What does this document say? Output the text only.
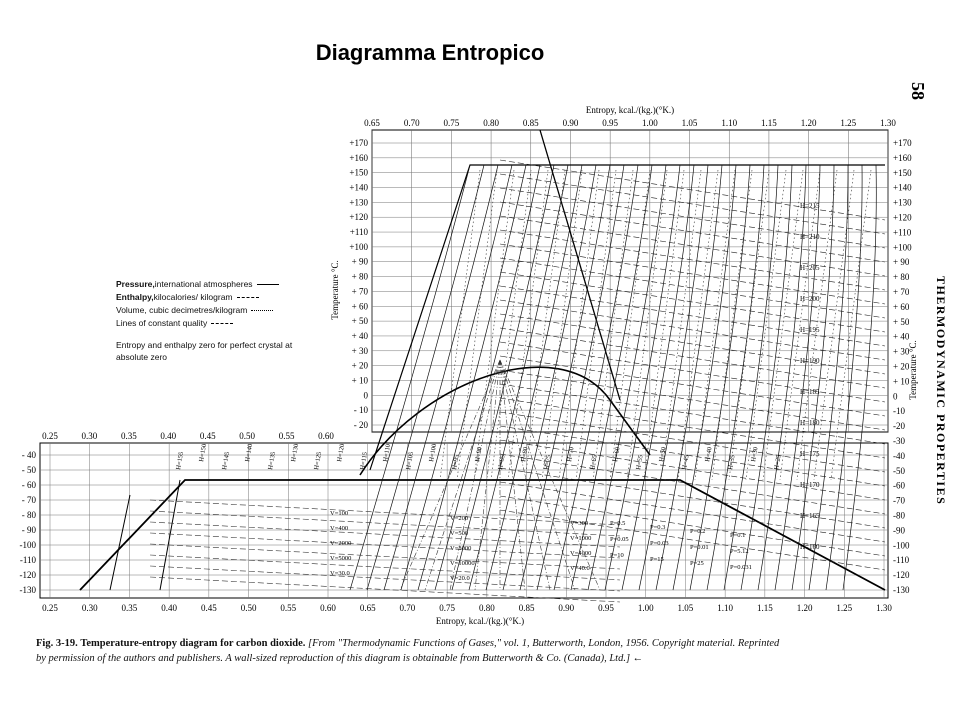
Diagramma Entropico
58
THERMODYNAMIC PROPERTIES
0.65	0.70	0.75	0.80	0.85	0.90	0.95	1.00	1.05	1.10	1.15	1.20	1.25	1.30
+170
+160
+150
+140
+130
+120
+110
+100
+ 90
+ 80
+ 70
+ 60
+ 50
+ 40
+ 30
+ 20
+ 10
0
- 10
- 20
0.25	0.30	0.35	0.40	0.45	0.50	0.55	0.60
0.25	0.30	0.35	0.40	0.45	0.50	0.55	0.60	0.65	0.70	0.75	0.80	0.85	0.90	0.95	1.00	1.05	1.10	1.15	1.20	1.25	1.30
- 40
- 50
- 60
- 70
- 80
- 90
-100
-110
-120
-130
+170
+160
+150
+140
+130
+120
+110
+100
+ 90
+ 80
+ 70
+ 60
+ 50
+ 40
+ 30
+ 20
+ 10
0
-10
-20
-30
-40
-50
-60
-70
-80
-90
-100
-110
-120
-130
H=215
H=210
H=205
H=200
H=195
H=190
H=185
H=180
H=175
H=170
H=165
H=160
H=155 H=150 H=145 H=140 H=135 H=130 H=125 H=120 H=115 H=110 H=105 H=100
H=95
H=90
H=85
H=80
H=75
H=70
H=65
H=60
H=55
H=50
H=45
H=40
H=35
H=30
H=25
V=100
V=200
V=300
V=400
V=500
V=1000
V=2000
V=3000
V=4000
V=5000
V=10000
V=40.0
V=30.0
V=20.0
P=0.5
P=0.3
P=0.2
P=0.1
P=0.05
P=0.03
P=0.01
P=5.12
P=10
P=15
P=25
P=0.031
Entropy, kcal./(kg.)(°K.)
Entropy, kcal./(kg.)(°K.)
Temperature °C.
Temperature °C.
Pressure, international atmospheres
Enthalpy, kilocalories/ kilogram
Volume, cubic decimetres/kilogram
Lines of constant quality
Entropy and enthalpy zero for perfect crystal at absolute zero
Fig. 3-19. Temperature-entropy diagram for carbon dioxide. [From "Thermodynamic Functions of Gases," vol. 1, Butterworth, London, 1956. Copyright material. Reprinted
by permission of the authors and publishers. A wall-sized reproduction of this diagram is obtainable from Butterworth & Co. (Canada), Ltd.] ←
